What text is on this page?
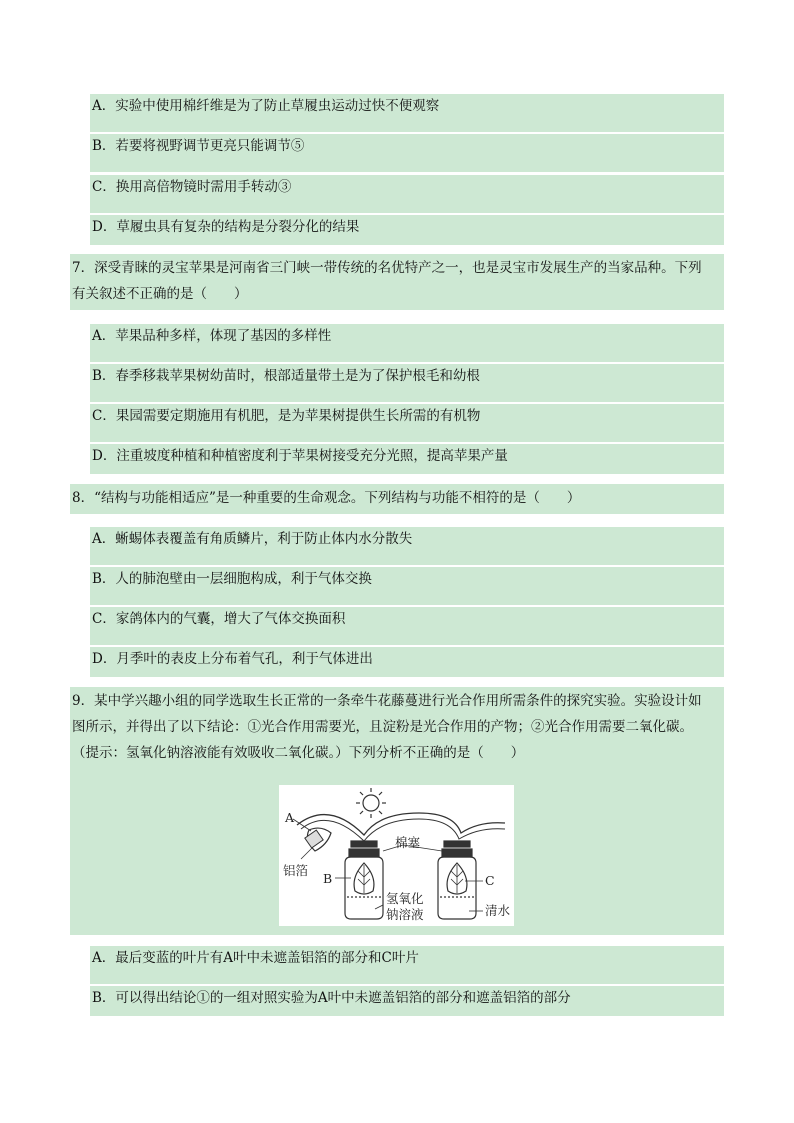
A．实验中使用棉纤维是为了防止草履虫运动过快不便观察
B．若要将视野调节更亮只能调节⑤
C．换用高倍物镜时需用手转动③
D．草履虫具有复杂的结构是分裂分化的结果
7．深受青睐的灵宝苹果是河南省三门峡一带传统的名优特产之一，也是灵宝市发展生产的当家品种。下列
有关叙述不正确的是（　　）
A．苹果品种多样，体现了基因的多样性
B．春季移栽苹果树幼苗时，根部适量带土是为了保护根毛和幼根
C．果园需要定期施用有机肥，是为苹果树提供生长所需的有机物
D．注重坡度种植和种植密度利于苹果树接受充分光照，提高苹果产量
8．“结构与功能相适应”是一种重要的生命观念。下列结构与功能不相符的是（　　）
A．蜥蜴体表覆盖有角质鳞片，利于防止体内水分散失
B．人的肺泡壁由一层细胞构成，利于气体交换
C．家鸽体内的气囊，增大了气体交换面积
D．月季叶的表皮上分布着气孔，利于气体进出
9．某中学兴趣小组的同学选取生长正常的一条牵牛花藤蔓进行光合作用所需条件的探究实验。实验设计如
图所示，并得出了以下结论：①光合作用需要光，且淀粉是光合作用的产物；②光合作用需要二氧化碳。
（提示：氢氧化钠溶液能有效吸收二氧化碳。）下列分析不正确的是（　　）
A
铝箔
B
棉塞
C
氢氧化
钠溶液	清水
A．最后变蓝的叶片有A叶中未遮盖铝箔的部分和C叶片
B．可以得出结论①的一组对照实验为A叶中未遮盖铝箔的部分和遮盖铝箔的部分
